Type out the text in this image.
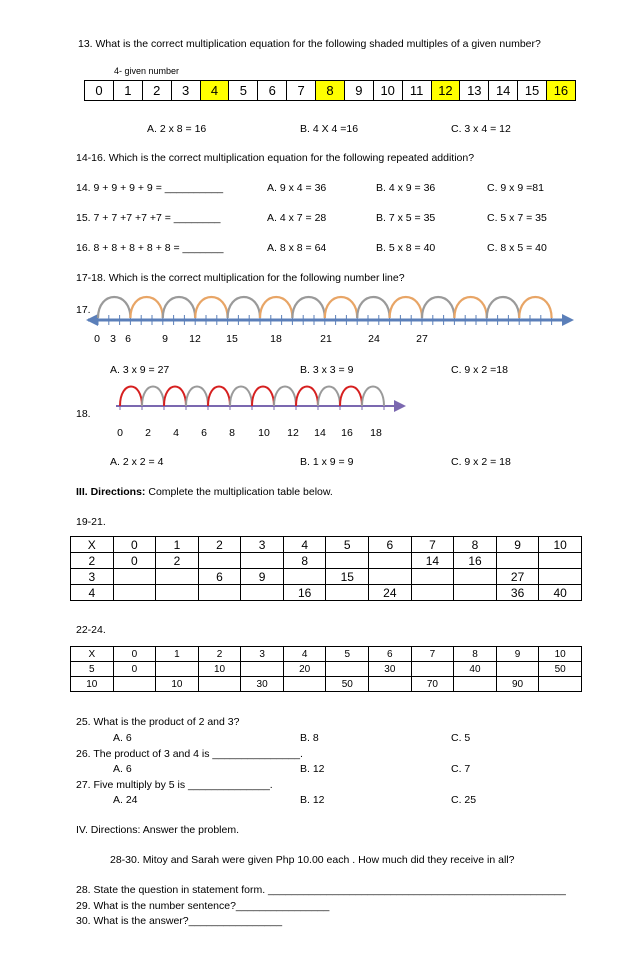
13. What is the correct multiplication equation for the following shaded multiples of a given number?
4- given number
0	1	2	3	4	5	6	7	8	9	10	11	12	13	14	15	16
A. 2 x 8 = 16	B. 4 X 4 =16	C. 3 x 4 = 12
14-16. Which is the correct multiplication equation for the following repeated addition?
14. 9 + 9 + 9 + 9 = __________	A. 9 x 4 = 36	B. 4 x 9 = 36	C. 9 x 9 =81
15. 7 + 7 +7 +7 +7 = ________	A. 4 x 7 = 28	B. 7 x 5 = 35	C. 5 x 7 = 35
16. 8 + 8 + 8 + 8 + 8 = _______	A. 8 x 8 = 64	B. 5 x 8 = 40	C. 8 x 5 = 40
17-18. Which is the correct multiplication for the following number line?
17.
0 3 6	9 12 15	18	21	24	27
A. 3 x 9 = 27	B. 3 x 3 = 9	C. 9 x 2 =18
18.
0 2 4 6 8 10 12 14 16 18
A. 2 x 2 = 4	B. 1 x 9 = 9	C. 9 x 2 = 18
III. Directions: Complete the multiplication table below.
19-21.
X	0	1	2	3	4	5	6	7	8	9	10
2	0	2			8			14	16		
3			6	9		15				27	
4					16		24			36	40
22-24.
X	0	1	2	3	4	5	6	7	8	9	10
5	0		10		20		30		40		50
10		10		30		50		70		90	
25. What is the product of 2 and 3?
A. 6	B. 8	C. 5
26. The product of 3 and 4 is _______________.
A. 6	B. 12	C. 7
27. Five multiply by 5 is ______________.
A. 24	B. 12	C. 25
IV. Directions: Answer the problem.
28-30. Mitoy and Sarah were given Php 10.00 each . How much did they receive in all?
28. State the question in statement form. ___________________________________________________
29. What is the number sentence?________________
30. What is the answer?________________
